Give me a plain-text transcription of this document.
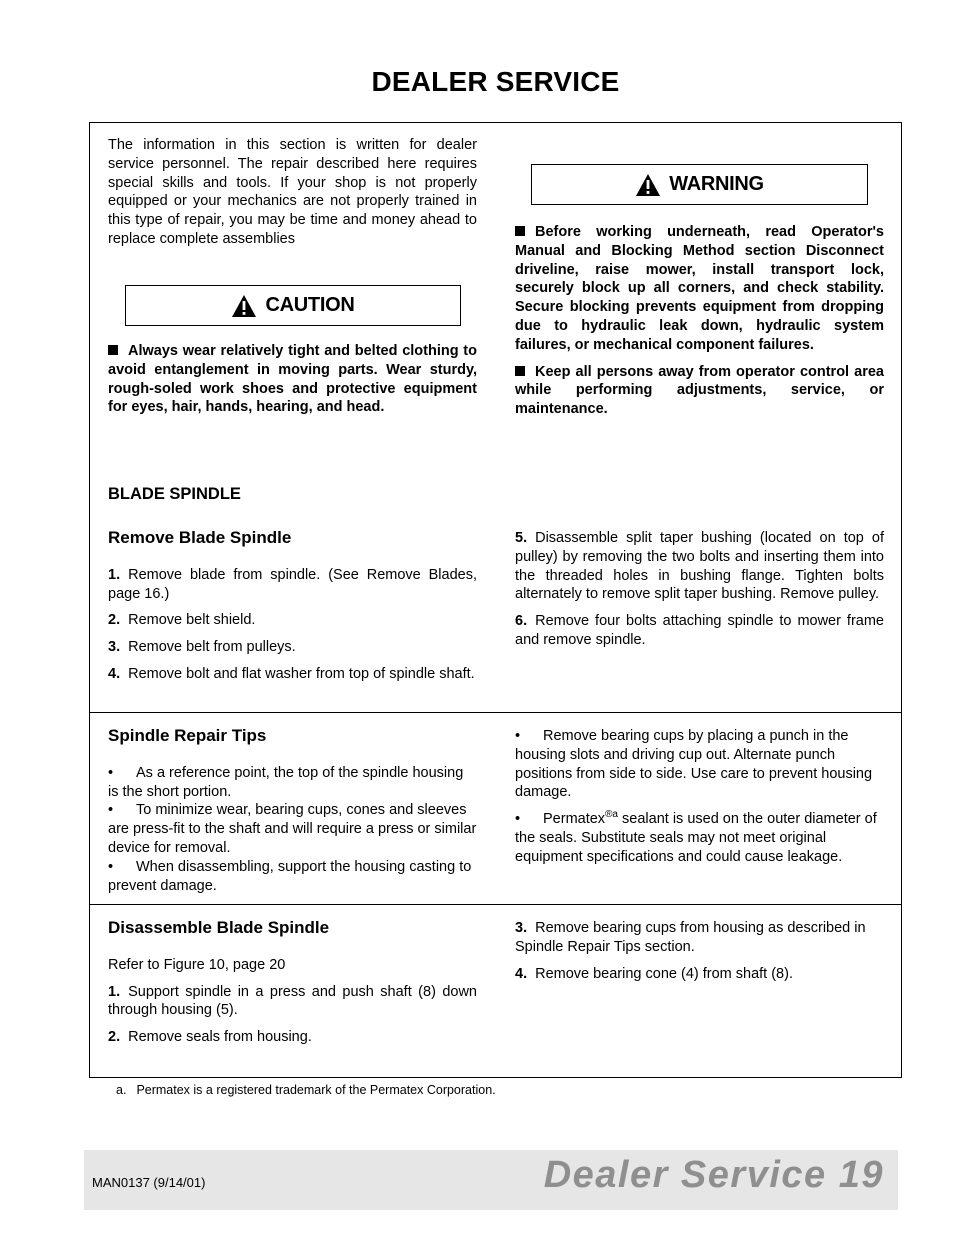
DEALER SERVICE

The information in this section is written for dealer service personnel. The repair described here requires special skills and tools. If your shop is not properly equipped or your mechanics are not properly trained in this type of repair, you may be time and money ahead to replace complete assemblies

CAUTION

Always wear relatively tight and belted clothing to avoid entanglement in moving parts. Wear sturdy, rough-soled work shoes and protective equipment for eyes, hair, hands, hearing, and head.

WARNING

Before working underneath, read Operator's Manual and Blocking Method section Disconnect driveline, raise mower, install transport lock, securely block up all corners, and check stability. Secure blocking prevents equipment from dropping due to hydraulic leak down, hydraulic system failures, or mechanical component failures.

Keep all persons away from operator control area while performing adjustments, service, or maintenance.

BLADE SPINDLE
Remove Blade Spindle

1. Remove blade from spindle. (See Remove Blades, page 16.)

2. Remove belt shield.

3. Remove belt from pulleys.

4. Remove bolt and flat washer from top of spindle shaft.

5. Disassemble split taper bushing (located on top of pulley) by removing the two bolts and inserting them into the threaded holes in bushing flange. Tighten bolts alternately to remove split taper bushing. Remove pulley.

6. Remove four bolts attaching spindle to mower frame and remove spindle.

Spindle Repair Tips
• As a reference point, the top of the spindle housing is the short portion.
• To minimize wear, bearing cups, cones and sleeves are press-fit to the shaft and will require a press or similar device for removal.
• When disassembling, support the housing casting to prevent damage.

• Remove bearing cups by placing a punch in the housing slots and driving cup out. Alternate punch positions from side to side. Use care to prevent housing damage.

• Permatex$^{®a}$ sealant is used on the outer diameter of the seals. Substitute seals may not meet original equipment specifications and could cause leakage.

Disassemble Blade Spindle

Refer to Figure 10, page 20

1. Support spindle in a press and push shaft (8) down through housing (5).

2. Remove seals from housing.

3. Remove bearing cups from housing as described in Spindle Repair Tips section.

4. Remove bearing cone (4) from shaft (8).

a. Permatex is a registered trademark of the Permatex Corporation.
MAN0137 (9/14/01)	Dealer Service 19
